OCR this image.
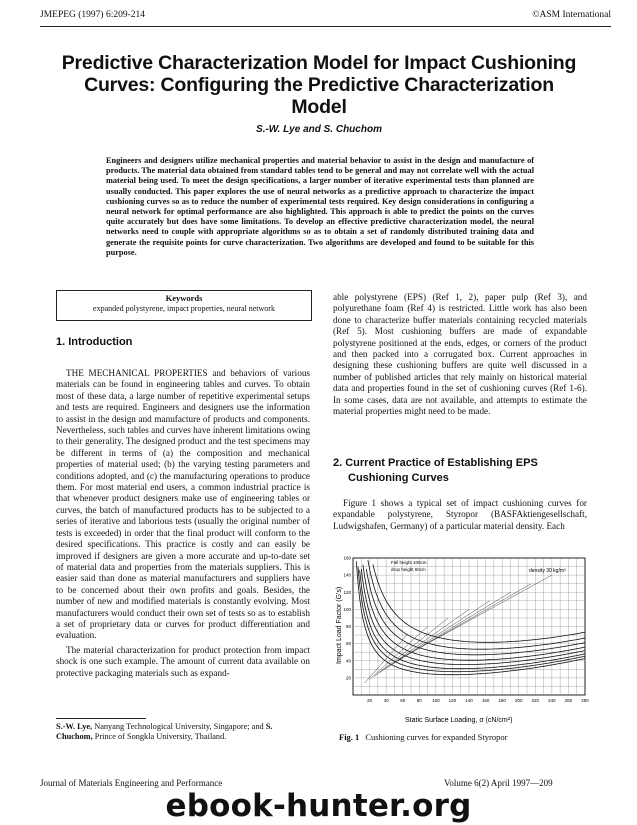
JMEPEG (1997) 6:209-214	©ASM International
Predictive Characterization Model for Impact Cushioning Curves: Configuring the Predictive Characterization Model
S.-W. Lye and S. Chuchom
Engineers and designers utilize mechanical properties and material behavior to assist in the design and manufacture of products. The material data obtained from standard tables tend to be general and may not correlate well with the actual material being used. To meet the design specifications, a larger number of iterative experimental tests than planned are usually conducted. This paper explores the use of neural networks as a predictive approach to characterize the impact cushioning curves so as to reduce the number of experimental tests required. Key design considerations in configuring a neural network for optimal performance are also highlighted. This approach is able to predict the points on the curves quite accurately but does have some limitations. To develop an effective predictive characterization model, the neural networks need to couple with appropriate algorithms so as to obtain a set of randomly distributed training data and generate the requisite points for curve characterization. Two algorithms are developed and found to be suitable for this purpose.
Keywords
expanded polystyrene, impact properties, neural network
1. Introduction

THE MECHANICAL PROPERTIES and behaviors of various materials can be found in engineering tables and curves. To obtain most of these data, a large number of repetitive experimental setups and tests are required. Engineers and designers use the information to assist in the design and manufacture of products and components. Nevertheless, such tables and curves have inherent limitations owing to their generality. The designed product and the test specimens may be different in terms of (a) the composition and mechanical properties of material used; (b) the varying testing parameters and conditions adopted, and (c) the manufacturing operations to produce them. For most material end users, a common industrial practice is that whenever product designers make use of engineering tables or curves, the batch of manufactured products has to be subjected to a series of iterative and laborious tests (usually the original number of tests is exceeded) in order that the final product will conform to the desired specifications. This practice is costly and can easily be improved if designers are given a more accurate and up-to-date set of material data and properties from the materials suppliers. This is easier said than done as material manufacturers and suppliers have to be concerned about their own profits and goals. Besides, the number of new and modified materials is constantly evolving. Most manufacturers would conduct their own set of tests so as to establish a set of proprietary data or curves for product differentiation and evaluation.

The material characterization for product protection from impact shock is one such example. The amount of current data available on protective packaging materials such as expand-

S.-W. Lye, Nanyang Technological University, Singapore; and S. Chuchom, Prince of Songkla University, Thailand.

able polystyrene (EPS) (Ref 1, 2), paper pulp (Ref 3), and polyurethane foam (Ref 4) is restricted. Little work has also been done to characterize buffer materials containing recycled materials (Ref 5). Most cushioning buffers are made of expandable polystyrene positioned at the ends, edges, or corners of the product and then packed into a corrugated box. Current approaches in designing these cushioning buffers are quite well discussed in a number of published articles that rely mainly on historical material data and properties found in the set of cushioning curves (Ref 1-6). In some cases, data are not available, and attempts to estimate the material properties might need to be made.

2. Current Practice of Establishing EPS
Cushioning Curves

Figure 1 shows a typical set of impact cushioning curves for expandable polystyrene, Styropor (BASFAktiengesellschaft, Ludwigshafen, Germany) of a particular material density. Each

20	40	60	80 100 120 140 160 180 200 220 240 260 280
20
40
60
80
100
120
140
160
Impact Load Factor (G's)
Static Surface Loading, σ (cN/cm²)
density 30 kg/m³
Fall height 100cm
drop height 60cm
Fig. 1 Cushioning curves for expanded Styropor
Journal of Materials Engineering and Performance	Volume 6(2) April 1997—209
ebook-hunter.org
